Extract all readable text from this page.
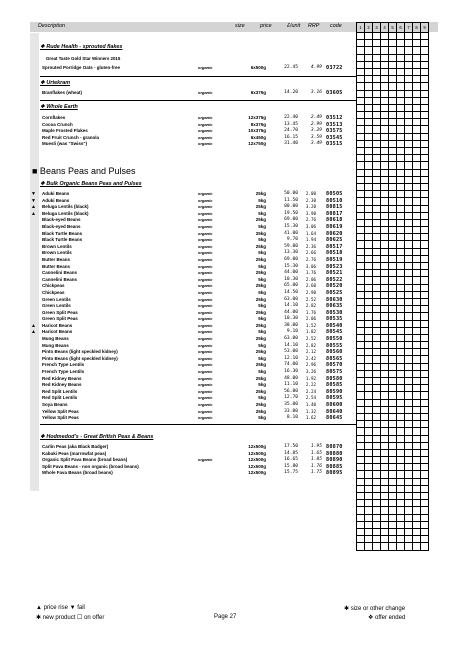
Description	size	price	£/unit RRP code	1	2	3	4	5	6	7	8	9

❖ Rude Health - sprouted flakes
Great Taste Gold Star Winners 2015
Sprouted Porridge Oats - gluten-free	organic	6x500g	22.45	4.99 03722
❖ Urtekram
Branflakes (wheat)	organic	6x375g	14.20	3.16 03605
❖ Whole Earth
Cornflakes	organic	12x375g	22.40	2.49 03512
Cocoa Crunch	organic	8x375g	13.45	2.99 03513
Maple Frosted Flakes	organic	10x375g	24.70	3.29 03575
Red Fruit Crunch - granola	organic	6x450g	16.15	3.59 03545
Muesli (was "Swiss")	organic	12x750g	31.40	3.49 03515
■ Beans Peas and Pulses
❖ Bulk Organic Beans Peas and Pulses
▼	Aduki Beans	organic	25kg	50.00	2.00 80505
▼	Aduki Beans	organic	5kg	11.50	2.30 80510
▲	Beluga Lentils (black)	organic	25kg	80.00	3.20 80815
▲	Beluga Lentils (black)	organic	5kg	19.50	3.90 80817
Black-eyed Beans	organic	25kg	69.00	2.76 80618
Black-eyed Beans	organic	5kg	15.30	3.06 80619
Black Turtle Beans	organic	25kg	41.00	1.64 80620
Black Turtle Beans	organic	5kg	9.70	1.94 80625
Brown Lentils	organic	25kg	59.00	2.36 80517
Brown Lentils	organic	5kg	13.30	2.66 80518
Butter Beans	organic	25kg	69.00	2.76 80519
Butter Beans	organic	5kg	15.30	3.06 80523
Cannelini Beans	organic	25kg	44.00	1.76 80521
Cannelini Beans	organic	5kg	10.30	2.06 80522
Chickpeas	organic	25kg	65.00	2.60 80520
Chickpeas	organic	5kg	14.50	2.90 80525
Green Lentils	organic	25kg	63.00	2.52 80630
Green Lentils	organic	5kg	14.10	2.82 80635
Green Split Peas	organic	25kg	44.00	1.76 80530
Green Split Peas	organic	5kg	10.30	2.06 80535
▲	Haricot Beans	organic	25kg	38.00	1.52 80540
▲	Haricot Beans	organic	5kg	9.10	1.82 80545
Mung Beans	organic	25kg	63.00	2.52 80550
Mung Beans	organic	5kg	14.10	2.82 80555
Pinto Beans (light speckled kidney)	organic	25kg	53.00	2.12 80560
Pinto Beans (light speckled kidney)	organic	5kg	12.10	2.42 80565
French Type Lentils	organic	25kg	74.00	2.96 80570
French Type Lentils	organic	5kg	16.30	3.26 80575
Red Kidney Beans	organic	25kg	48.00	1.92 80580
Red Kidney Beans	organic	5kg	11.10	2.22 80585
Red Split Lentils	organic	25kg	56.00	2.24 80590
Red Split Lentils	organic	5kg	12.70	2.54 80595
Soya Beans	organic	25kg	35.00	1.40 80600
Yellow Split Peas	organic	25kg	33.00	1.32 80640
Yellow Split Peas	organic	5kg	8.10	1.62 80645
❖ Hodmedod's - Great British Peas & Beans
Carlin Peas (aka Black Badger)	12x500g	17.50	1.95 80870
Kabuki Peas (marrowfat peas)	12x500g	14.85	1.65 80880
Organic Split Fava Beans (broad beans)	organic	12x500g	16.65	1.85 80890
Split Fava Beans - non organic (broad beans)	12x500g	15.80	1.76 80885
Whole Fava Beans (broad beans)	12x500g	15.75	1.75 80895
▲ price rise ▼ fall
✱ new product ☐ on offer	Page 27
✱ size or other change
❖ offer ended
